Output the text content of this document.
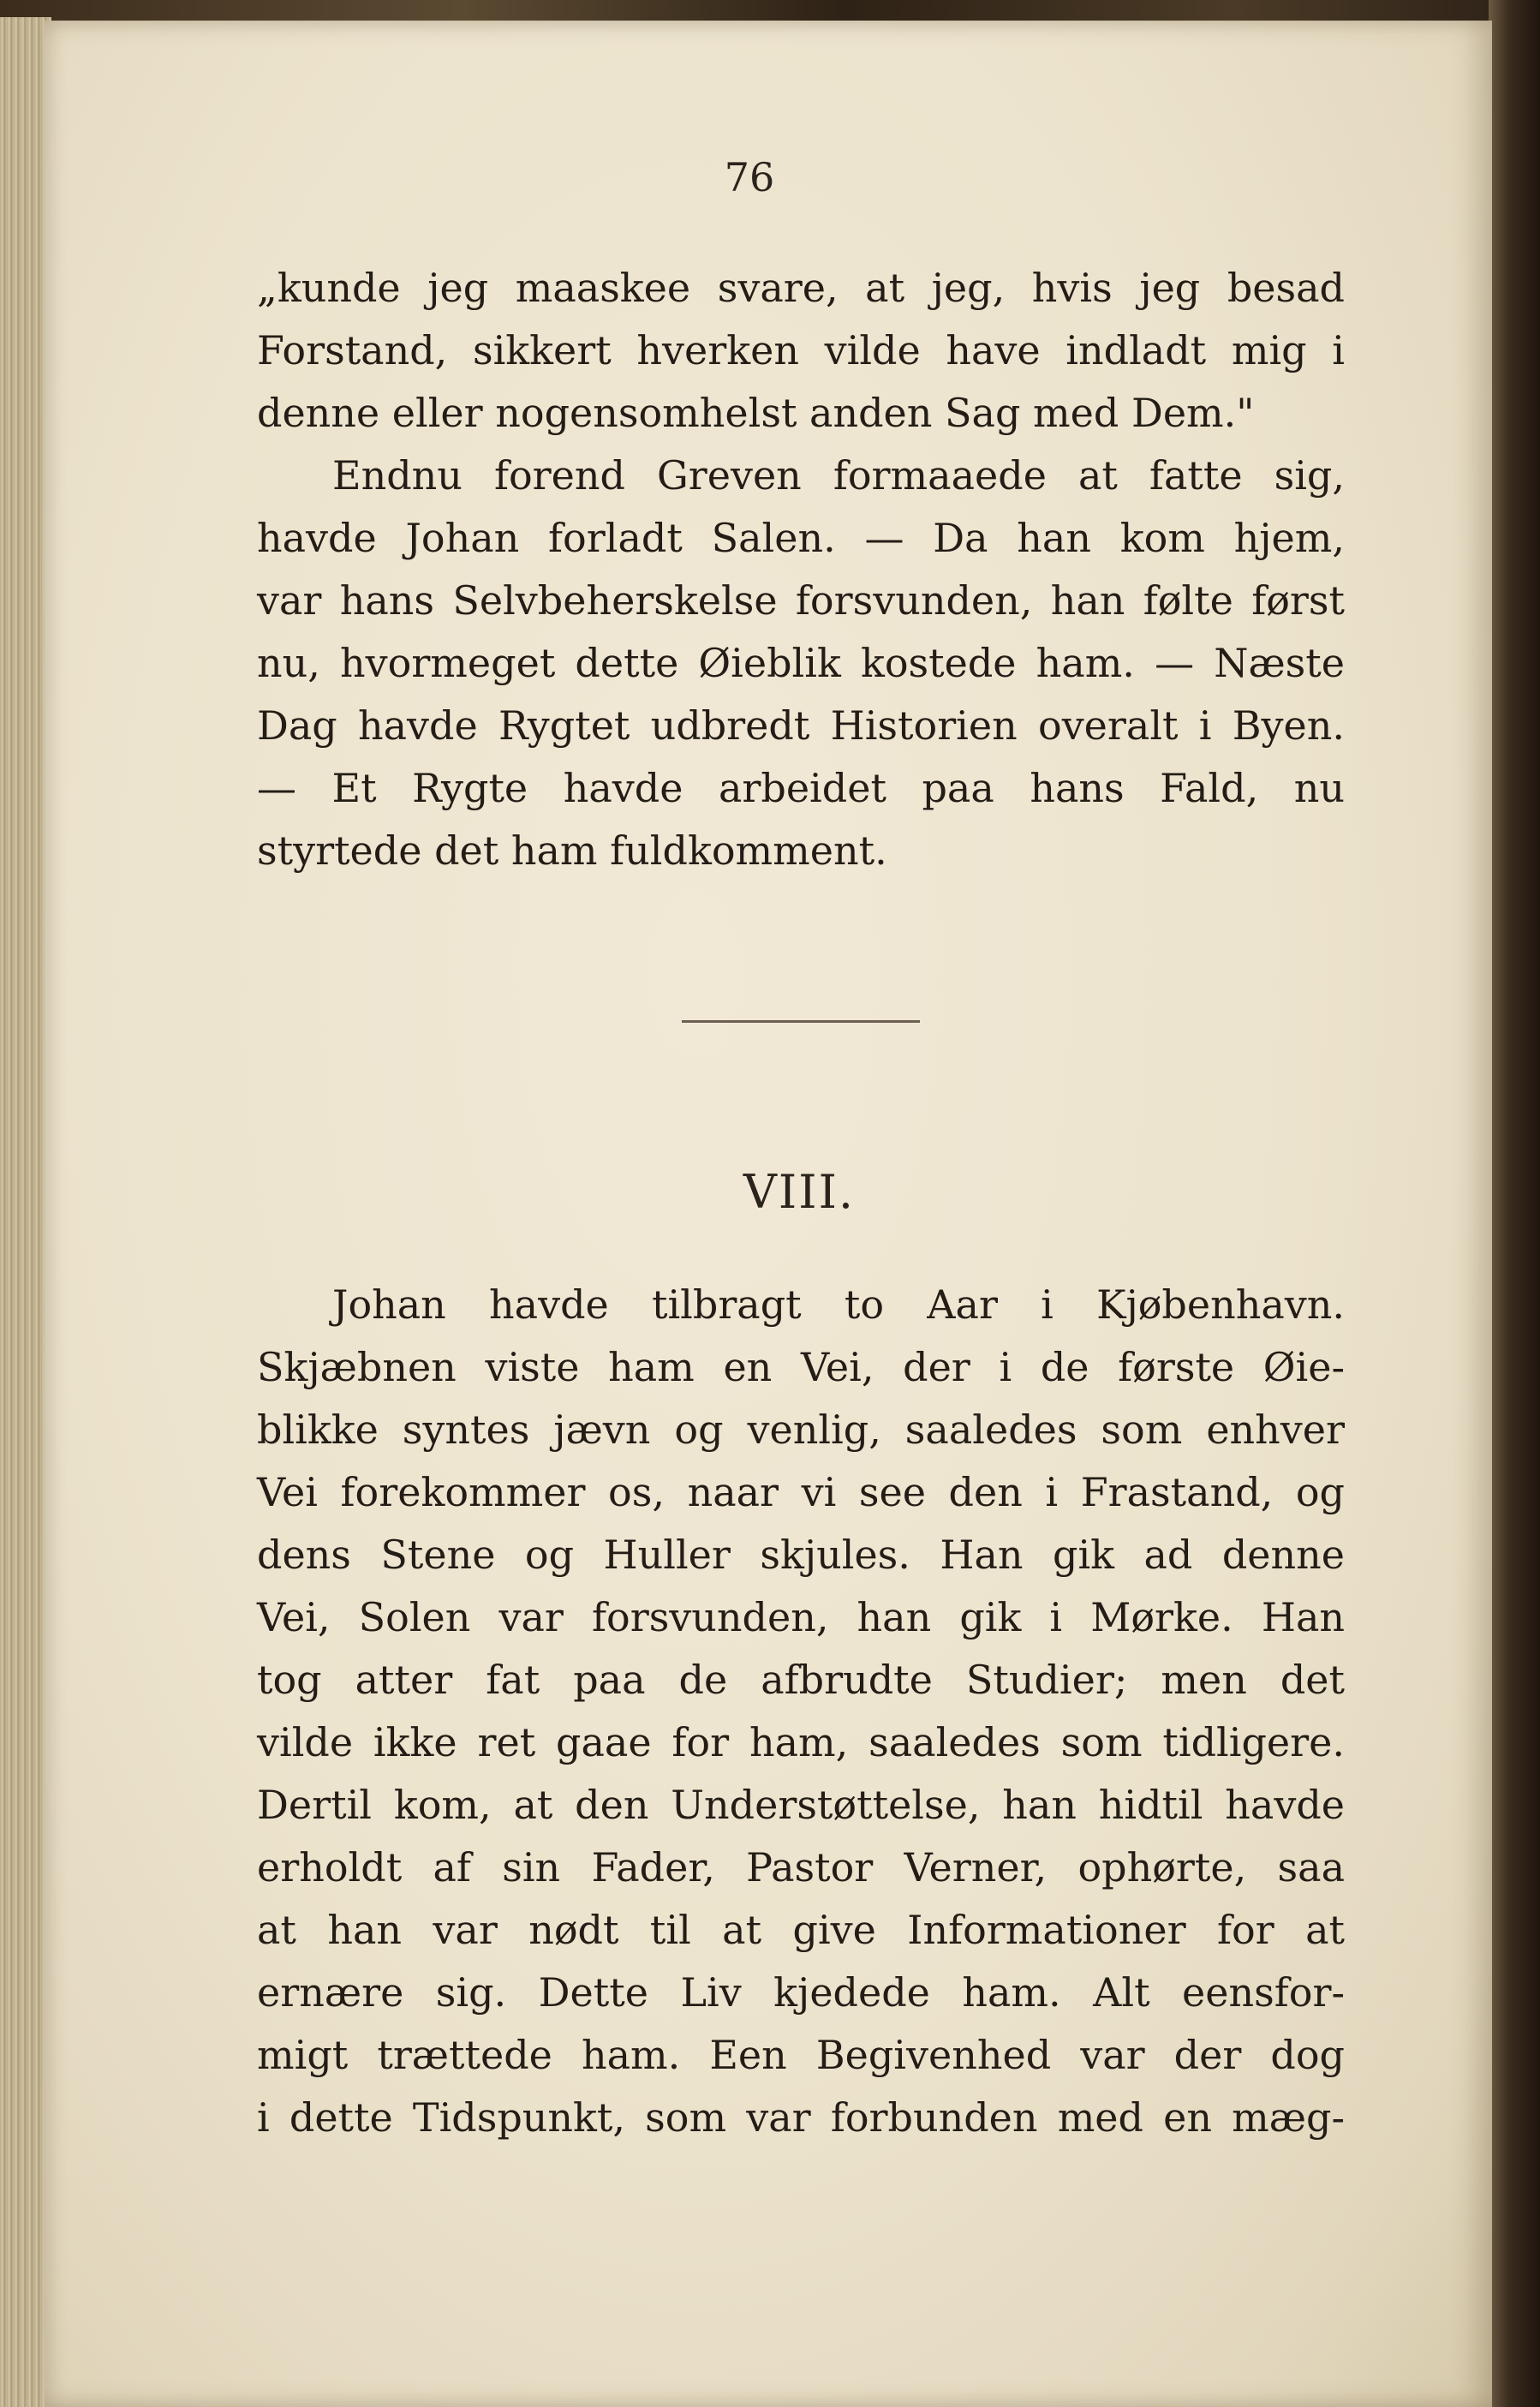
76
„kunde jeg maaskee svare, at jeg, hvis jeg besad
Forstand, sikkert hverken vilde have indladt mig i
denne eller nogensomhelst anden Sag med Dem."
Endnu forend Greven formaaede at fatte sig,
havde Johan forladt Salen. — Da han kom hjem,
var hans Selvbeherskelse forsvunden, han følte først
nu, hvormeget dette Øieblik kostede ham. — Næste
Dag havde Rygtet udbredt Historien overalt i Byen.
— Et Rygte havde arbeidet paa hans Fald, nu
styrtede det ham fuldkomment.
VIII.
Johan havde tilbragt to Aar i Kjøbenhavn.
Skjæbnen viste ham en Vei, der i de første Øie-
blikke syntes jævn og venlig, saaledes som enhver
Vei forekommer os, naar vi see den i Frastand, og
dens Stene og Huller skjules. Han gik ad denne
Vei, Solen var forsvunden, han gik i Mørke. Han
tog atter fat paa de afbrudte Studier; men det
vilde ikke ret gaae for ham, saaledes som tidligere.
Dertil kom, at den Understøttelse, han hidtil havde
erholdt af sin Fader, Pastor Verner, ophørte, saa
at han var nødt til at give Informationer for at
ernære sig. Dette Liv kjedede ham. Alt eensfor-
migt trættede ham. Een Begivenhed var der dog
i dette Tidspunkt, som var forbunden med en mæg-
